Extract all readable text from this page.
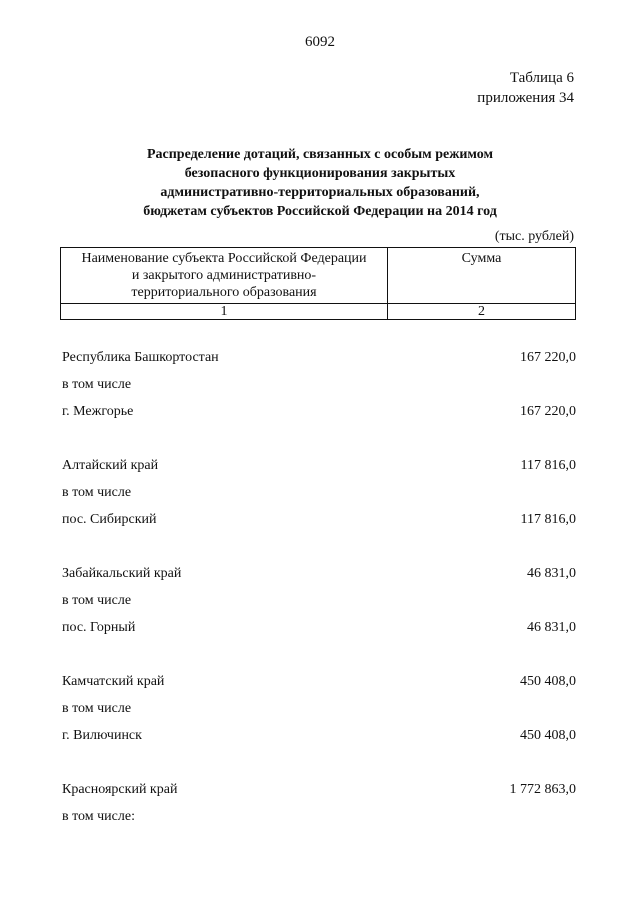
6092
Таблица 6
приложения 34
Распределение дотаций, связанных с особым режимом
безопасного функционирования закрытых
административно-территориальных образований,
бюджетам субъектов Российской Федерации на 2014 год
(тыс. рублей)
Наименование субъекта Российской Федерации
и закрытого административно-
территориального образования	Сумма
1	2
Республика Башкортостан	167 220,0
в том числе
г. Межгорье	167 220,0
Алтайский край	117 816,0
в том числе
пос. Сибирский	117 816,0
Забайкальский край	46 831,0
в том числе
пос. Горный	46 831,0
Камчатский край	450 408,0
в том числе
г. Вилючинск	450 408,0
Красноярский край	1 772 863,0
в том числе:
